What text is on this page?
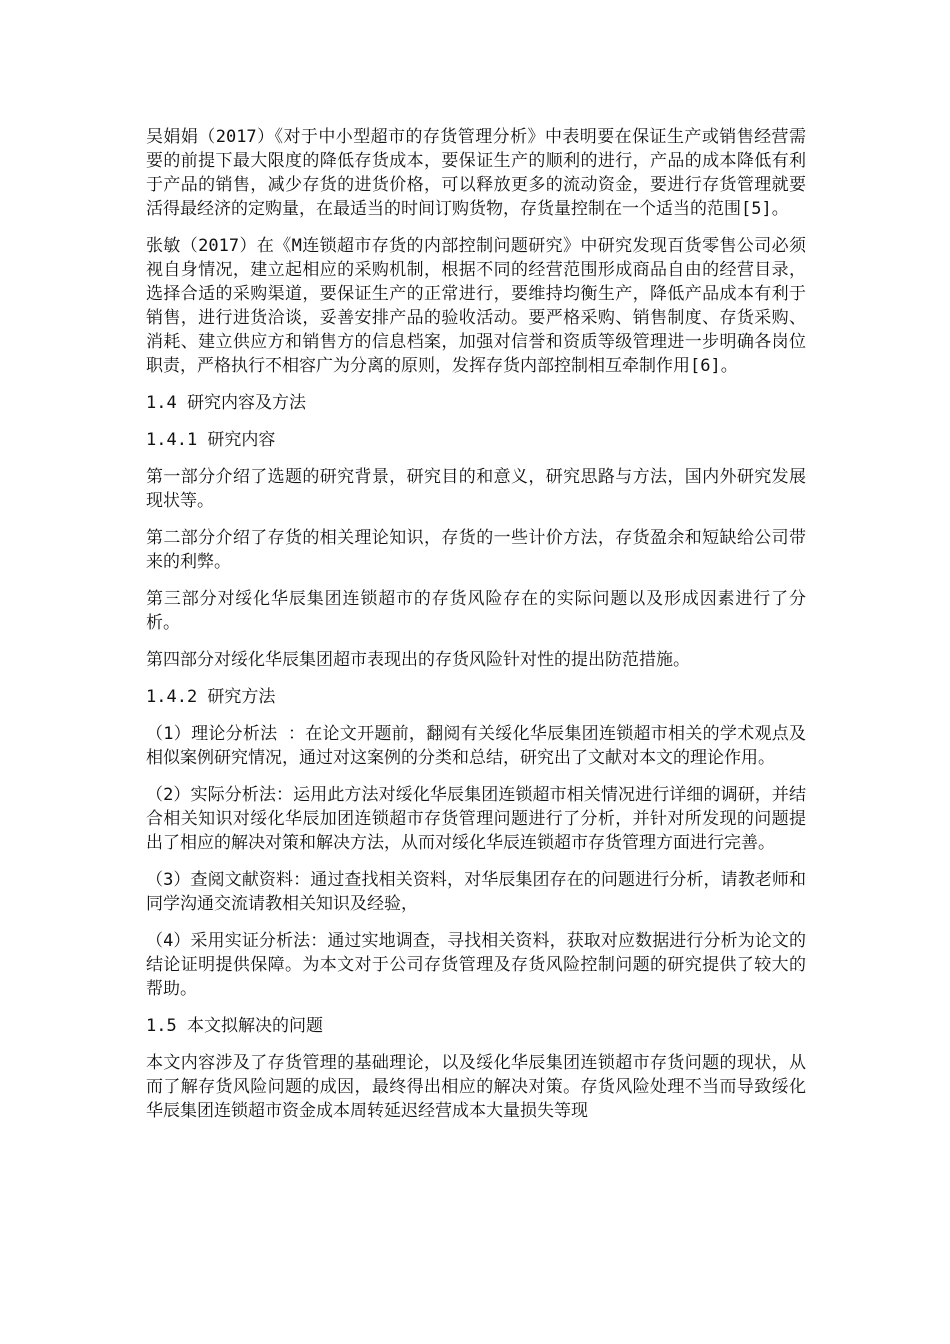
吴娟娟（2017）《对于中小型超市的存货管理分析》中表明要在保证生产或销售经营需要的前提下最大限度的降低存货成本，要保证生产的顺利的进行，产品的成本降低有利于产品的销售，减少存货的进货价格，可以释放更多的流动资金，要进行存货管理就要活得最经济的定购量，在最适当的时间订购货物，存货量控制在一个适当的范围[5]。

张敏（2017）在《M连锁超市存货的内部控制问题研究》中研究发现百货零售公司必须视自身情况，建立起相应的采购机制，根据不同的经营范围形成商品自由的经营目录，选择合适的采购渠道，要保证生产的正常进行，要维持均衡生产，降低产品成本有利于销售，进行进货洽谈，妥善安排产品的验收活动。要严格采购、销售制度、存货采购、消耗、建立供应方和销售方的信息档案，加强对信誉和资质等级管理进一步明确各岗位职责，严格执行不相容广为分离的原则，发挥存货内部控制相互牵制作用[6]。

1.4 研究内容及方法
1.4.1 研究内容

第一部分介绍了选题的研究背景，研究目的和意义，研究思路与方法，国内外研究发展现状等。

第二部分介绍了存货的相关理论知识，存货的一些计价方法，存货盈余和短缺给公司带来的利弊。

第三部分对绥化华辰集团连锁超市的存货风险存在的实际问题以及形成因素进行了分析。

第四部分对绥化华辰集团超市表现出的存货风险针对性的提出防范措施。

1.4.2 研究方法

（1）理论分析法 ：在论文开题前，翻阅有关绥化华辰集团连锁超市相关的学术观点及相似案例研究情况，通过对这案例的分类和总结，研究出了文献对本文的理论作用。

（2）实际分析法：运用此方法对绥化华辰集团连锁超市相关情况进行详细的调研，并结合相关知识对绥化华辰加团连锁超市存货管理问题进行了分析，并针对所发现的问题提出了相应的解决对策和解决方法，从而对绥化华辰连锁超市存货管理方面进行完善。

（3）查阅文献资料：通过查找相关资料，对华辰集团存在的问题进行分析，请教老师和同学沟通交流请教相关知识及经验，

（4）采用实证分析法：通过实地调查，寻找相关资料，获取对应数据进行分析为论文的结论证明提供保障。为本文对于公司存货管理及存货风险控制问题的研究提供了较大的帮助。

1.5 本文拟解决的问题

本文内容涉及了存货管理的基础理论，以及绥化华辰集团连锁超市存货问题的现状，从而了解存货风险问题的成因，最终得出相应的解决对策。存货风险处理不当而导致绥化华辰集团连锁超市资金成本周转延迟经营成本大量损失等现
